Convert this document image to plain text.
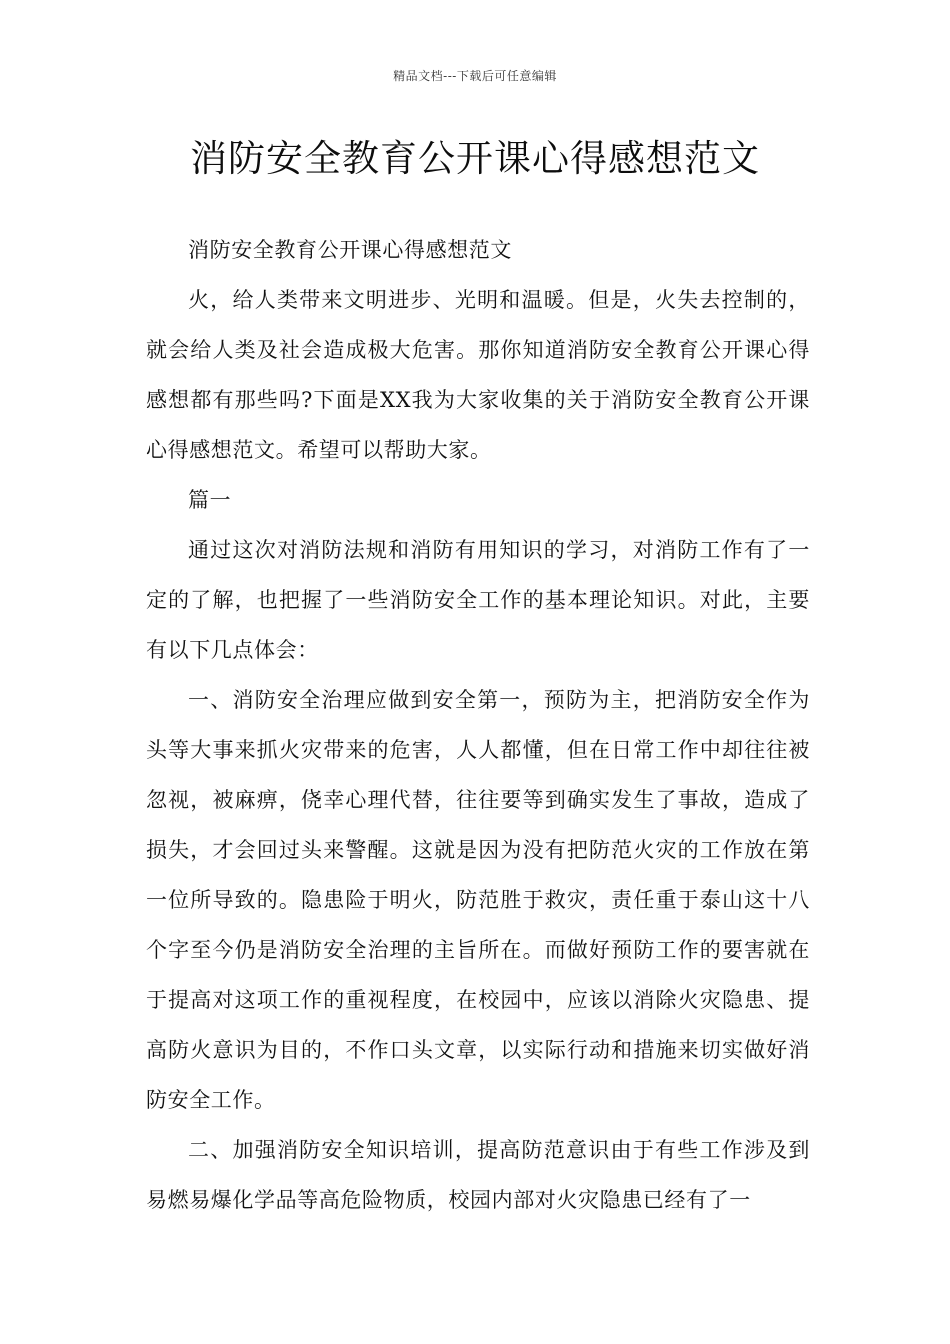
精品文档---下载后可任意编辑
消防安全教育公开课心得感想范文

消防安全教育公开课心得感想范文

火，给人类带来文明进步、光明和温暖。但是，火失去控制的，就会给人类及社会造成极大危害。那你知道消防安全教育公开课心得感想都有那些吗?下面是XX我为大家收集的关于消防安全教育公开课心得感想范文。希望可以帮助大家。

篇一

通过这次对消防法规和消防有用知识的学习，对消防工作有了一定的了解，也把握了一些消防安全工作的基本理论知识。对此，主要有以下几点体会：

一、消防安全治理应做到安全第一，预防为主，把消防安全作为头等大事来抓火灾带来的危害，人人都懂，但在日常工作中却往往被忽视，被麻痹，侥幸心理代替，往往要等到确实发生了事故，造成了损失，才会回过头来警醒。这就是因为没有把防范火灾的工作放在第一位所导致的。隐患险于明火，防范胜于救灾，责任重于泰山这十八个字至今仍是消防安全治理的主旨所在。而做好预防工作的要害就在于提高对这项工作的重视程度，在校园中，应该以消除火灾隐患、提高防火意识为目的，不作口头文章，以实际行动和措施来切实做好消防安全工作。

二、加强消防安全知识培训，提高防范意识由于有些工作涉及到易燃易爆化学品等高危险物质，校园内部对火灾隐患已经有了一
